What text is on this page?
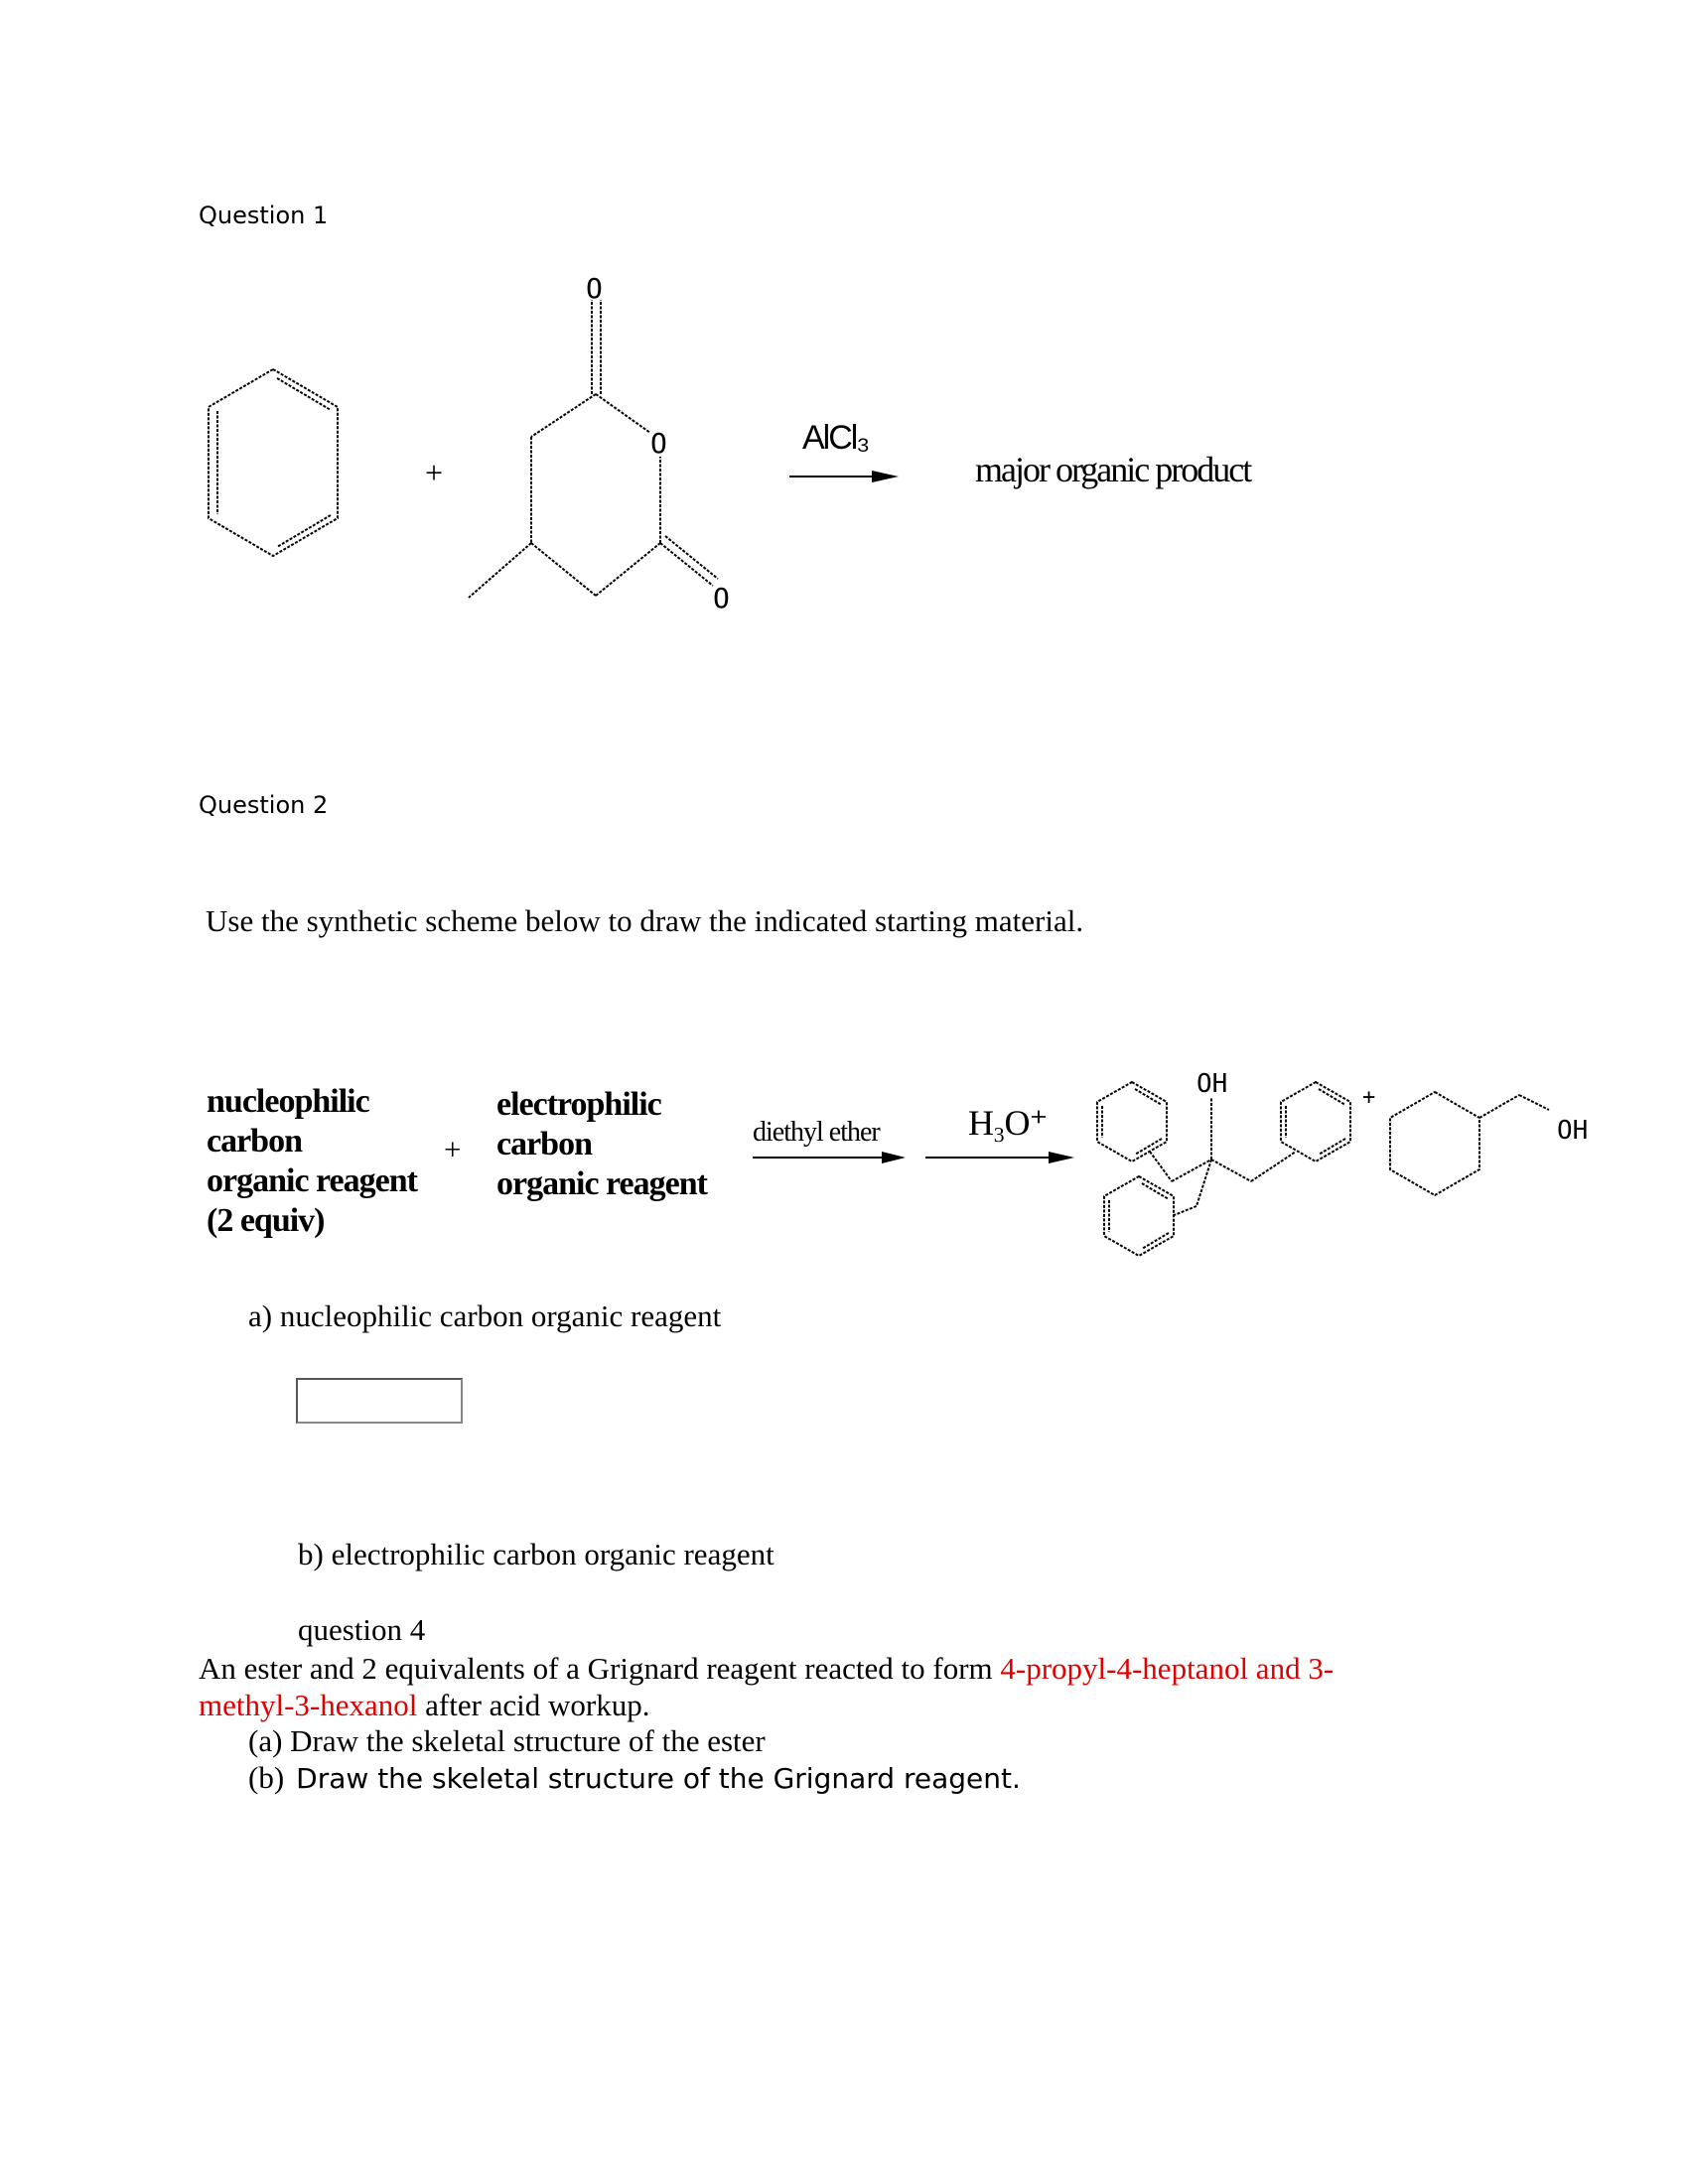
Question 1
O
O
O
+
AlCl₃
major organic product
Question 2
Use the synthetic scheme below to draw the indicated starting material.
nucleophilic
carbon
organic reagent
(2 equiv)
+
electrophilic
carbon
organic reagent
diethyl ether H₃O⁺
OH
OH
+
a) nucleophilic carbon organic reagent
b) electrophilic carbon organic reagent
question 4
An ester and 2 equivalents of a Grignard reagent reacted to form 4-propyl-4-heptanol and 3-
methyl-3-hexanol after acid workup.
(a) Draw the skeletal structure of the ester
(b) Draw the skeletal structure of the Grignard reagent.
